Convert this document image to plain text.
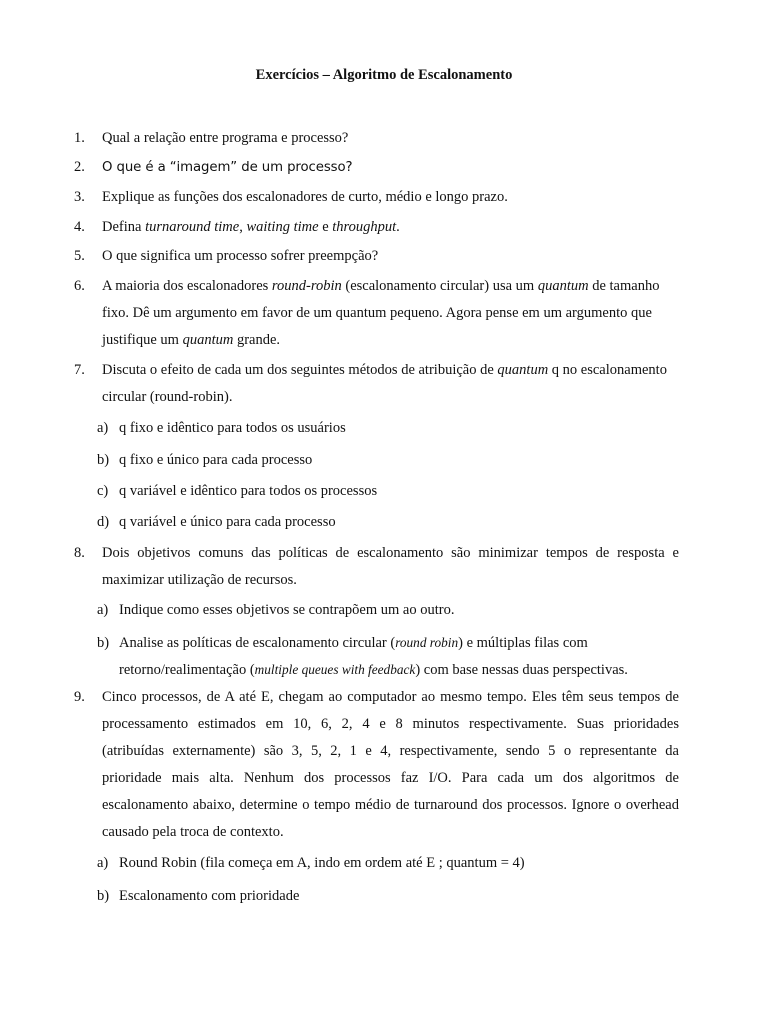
Exercícios – Algoritmo de Escalonamento
1. Qual a relação entre programa e processo?
2. O que é a “imagem” de um processo?
3. Explique as funções dos escalonadores de curto, médio e longo prazo.
4. Defina turnaround time, waiting time e throughput.
5. O que significa um processo sofrer preempção?
6. A maioria dos escalonadores round-robin (escalonamento circular) usa um quantum de tamanho
fixo. Dê um argumento em favor de um quantum pequeno. Agora pense em um argumento que
justifique um quantum grande.
7. Discuta o efeito de cada um dos seguintes métodos de atribuição de quantum q no escalonamento
circular (round-robin).
a) q fixo e idêntico para todos os usuários
b) q fixo e único para cada processo
c) q variável e idêntico para todos os processos
d) q variável e único para cada processo
8. Dois objetivos comuns das políticas de escalonamento são minimizar tempos de resposta e
maximizar utilização de recursos.
a) Indique como esses objetivos se contrapõem um ao outro.
b) Analise as políticas de escalonamento circular (round robin) e múltiplas filas com
retorno/realimentação (multiple queues with feedback) com base nessas duas perspectivas.
9. Cinco processos, de A até E, chegam ao computador ao mesmo tempo. Eles têm seus tempos de
processamento estimados em 10, 6, 2, 4 e 8 minutos respectivamente. Suas prioridades
(atribuídas externamente) são 3, 5, 2, 1 e 4, respectivamente, sendo 5 o representante da
prioridade mais alta. Nenhum dos processos faz I/O. Para cada um dos algoritmos de
escalonamento abaixo, determine o tempo médio de turnaround dos processos. Ignore o overhead
causado pela troca de contexto.
a) Round Robin (fila começa em A, indo em ordem até E ; quantum = 4)
b) Escalonamento com prioridade
